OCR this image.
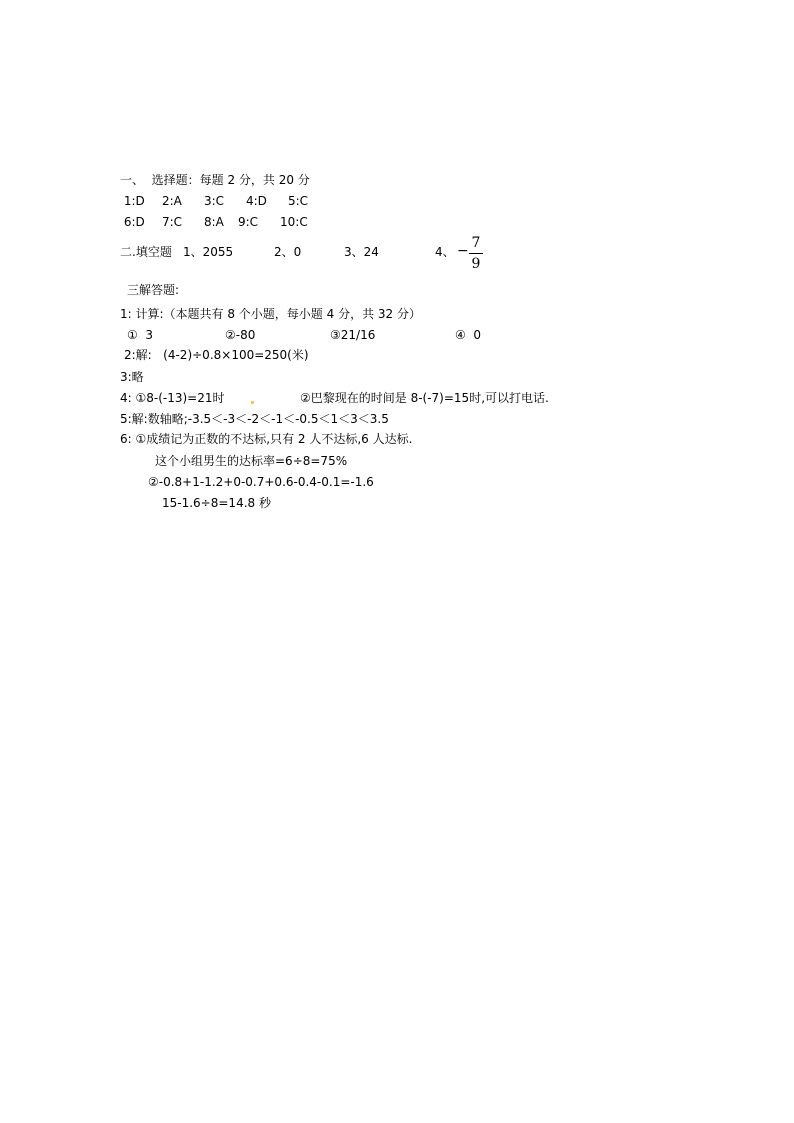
一、  选择题：每题 2 分，共 20 分
1:D 2:A 3:C 4:D 5:C
6:D 7:C 8:A 9:C 10:C
二.填空题 1、2055	2、0	3、24	4、 − 7
9
三解答题:
1: 计算:（本题共有 8 个小题，每小题 4 分，共 32 分）
①  3	②-80	③21/16	④  0
2:解:   (4-2)÷0.8×100=250(米)
3:略
4: ①8-(-13)=21时	②巴黎现在的时间是 8-(-7)=15时,可以打电话.
5:解:数轴略;-3.5＜-3＜-2＜-1＜-0.5＜1＜3＜3.5
6: ①成绩记为正数的不达标,只有 2 人不达标,6 人达标.
这个小组男生的达标率=6÷8=75%
②-0.8+1-1.2+0-0.7+0.6-0.4-0.1=-1.6
15-1.6÷8=14.8 秒
